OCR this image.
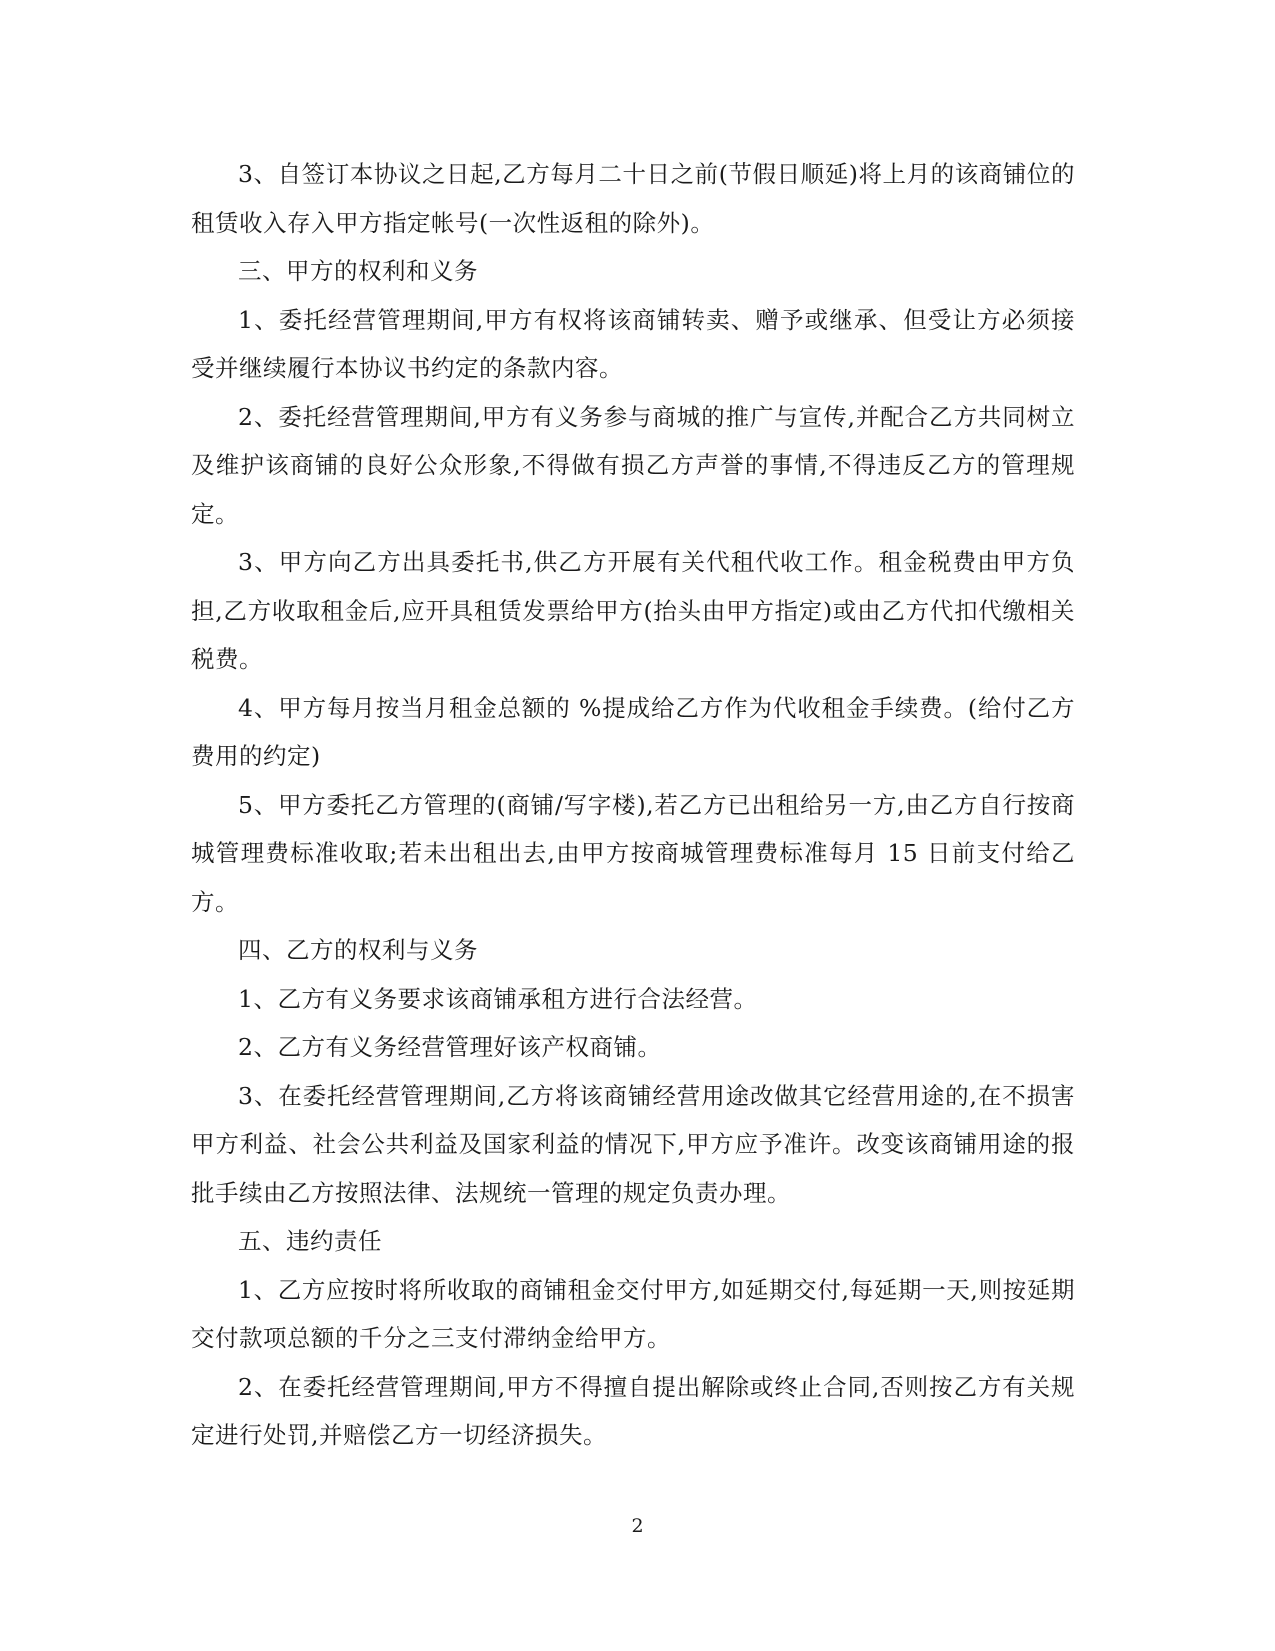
3、自签订本协议之日起,乙方每月二十日之前(节假日顺延)将上月的该商铺位的租赁收入存入甲方指定帐号(一次性返租的除外)。

三、甲方的权利和义务

1、委托经营管理期间,甲方有权将该商铺转卖、赠予或继承、但受让方必须接受并继续履行本协议书约定的条款内容。

2、委托经营管理期间,甲方有义务参与商城的推广与宣传,并配合乙方共同树立及维护该商铺的良好公众形象,不得做有损乙方声誉的事情,不得违反乙方的管理规定。

3、甲方向乙方出具委托书,供乙方开展有关代租代收工作。租金税费由甲方负担,乙方收取租金后,应开具租赁发票给甲方(抬头由甲方指定)或由乙方代扣代缴相关税费。

4、甲方每月按当月租金总额的 %提成给乙方作为代收租金手续费。(给付乙方费用的约定)

5、甲方委托乙方管理的(商铺/写字楼),若乙方已出租给另一方,由乙方自行按商城管理费标准收取;若未出租出去,由甲方按商城管理费标准每月 15 日前支付给乙方。

四、乙方的权利与义务

1、乙方有义务要求该商铺承租方进行合法经营。

2、乙方有义务经营管理好该产权商铺。

3、在委托经营管理期间,乙方将该商铺经营用途改做其它经营用途的,在不损害甲方利益、社会公共利益及国家利益的情况下,甲方应予准许。改变该商铺用途的报批手续由乙方按照法律、法规统一管理的规定负责办理。

五、违约责任

1、乙方应按时将所收取的商铺租金交付甲方,如延期交付,每延期一天,则按延期交付款项总额的千分之三支付滞纳金给甲方。

2、在委托经营管理期间,甲方不得擅自提出解除或终止合同,否则按乙方有关规定进行处罚,并赔偿乙方一切经济损失。

2
